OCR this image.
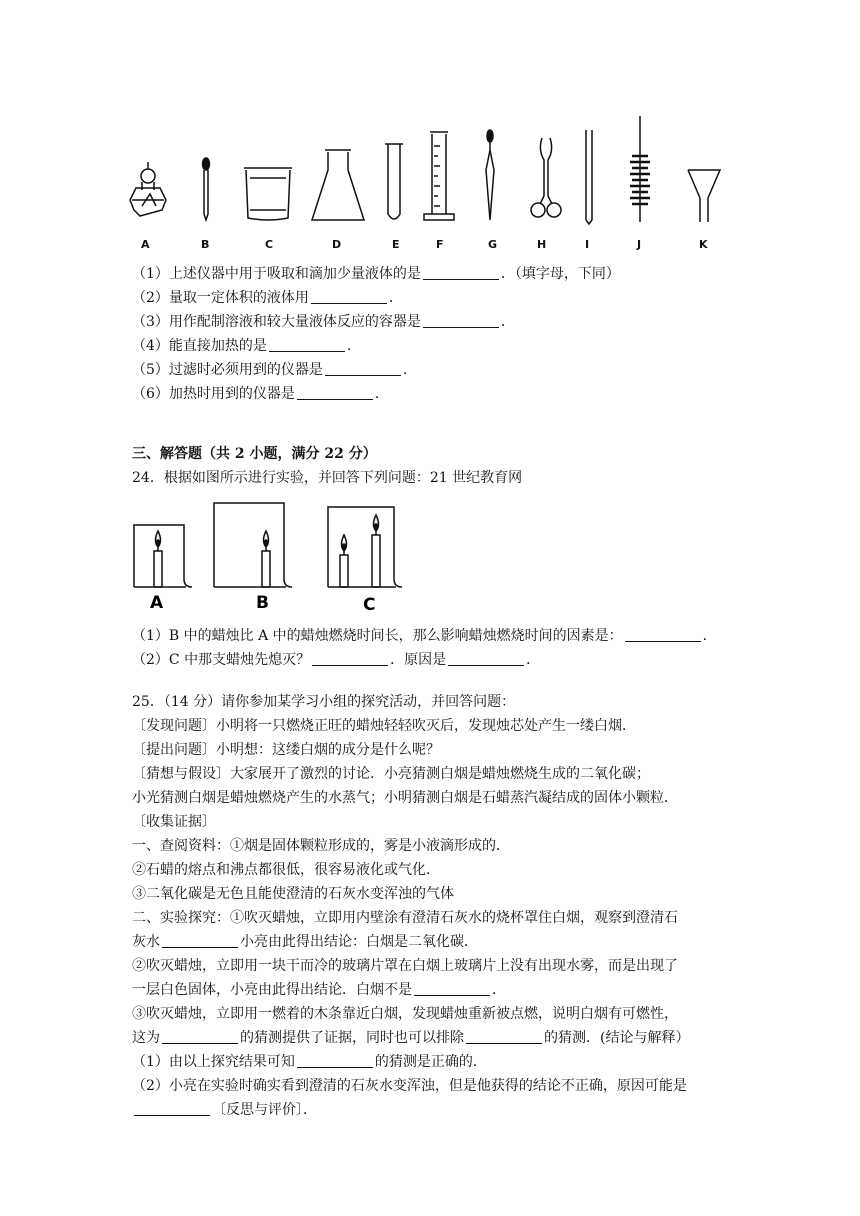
A	B	C	D	E	F	G	H	I	J	K
（1）上述仪器中用于吸取和滴加少量液体的是	．（填字母，下同）
（2）量取一定体积的液体用	．
（3）用作配制溶液和较大量液体反应的容器是	．
（4）能直接加热的是	．
（5）过滤时必须用到的仪器是	．
（6）加热时用到的仪器是	．
三、解答题（共 2 小题，满分 22 分）
24．根据如图所示进行实验，并回答下列问题：21 世纪教育网
A	B	C
（1）B 中的蜡烛比 A 中的蜡烛燃烧时间长，那么影响蜡烛燃烧时间的因素是：	．
（2）C 中那支蜡烛先熄灭？	．原因是	．
25．（14 分）请你参加某学习小组的探究活动，并回答问题：
〔发现问题〕小明将一只燃烧正旺的蜡烛轻轻吹灭后，发现烛芯处产生一缕白烟．
〔提出问题〕小明想：这缕白烟的成分是什么呢？
〔猜想与假设〕大家展开了激烈的讨论．小亮猜测白烟是蜡烛燃烧生成的二氧化碳；
小光猜测白烟是蜡烛燃烧产生的水蒸气；小明猜测白烟是石蜡蒸汽凝结成的固体小颗粒．
〔收集证据〕
一、查阅资料：①烟是固体颗粒形成的，雾是小液滴形成的．
②石蜡的熔点和沸点都很低，很容易液化或气化．
③二氧化碳是无色且能使澄清的石灰水变浑浊的气体
二、实验探究：①吹灭蜡烛，立即用内壁涂有澄清石灰水的烧杯罩住白烟，观察到澄清石
灰水	小亮由此得出结论：白烟是二氧化碳．
②吹灭蜡烛，立即用一块干而冷的玻璃片罩在白烟上玻璃片上没有出现水雾，而是出现了
一层白色固体，小亮由此得出结论．白烟不是	．
③吹灭蜡烛，立即用一燃着的木条靠近白烟，发现蜡烛重新被点燃，说明白烟有可燃性，
这为	的猜测提供了证据，同时也可以排除	的猜测．(结论与解释）
（1）由以上探究结果可知	的猜测是正确的．
（2）小亮在实验时确实看到澄清的石灰水变浑浊，但是他获得的结论不正确，原因可能是
〔反思与评价〕．
